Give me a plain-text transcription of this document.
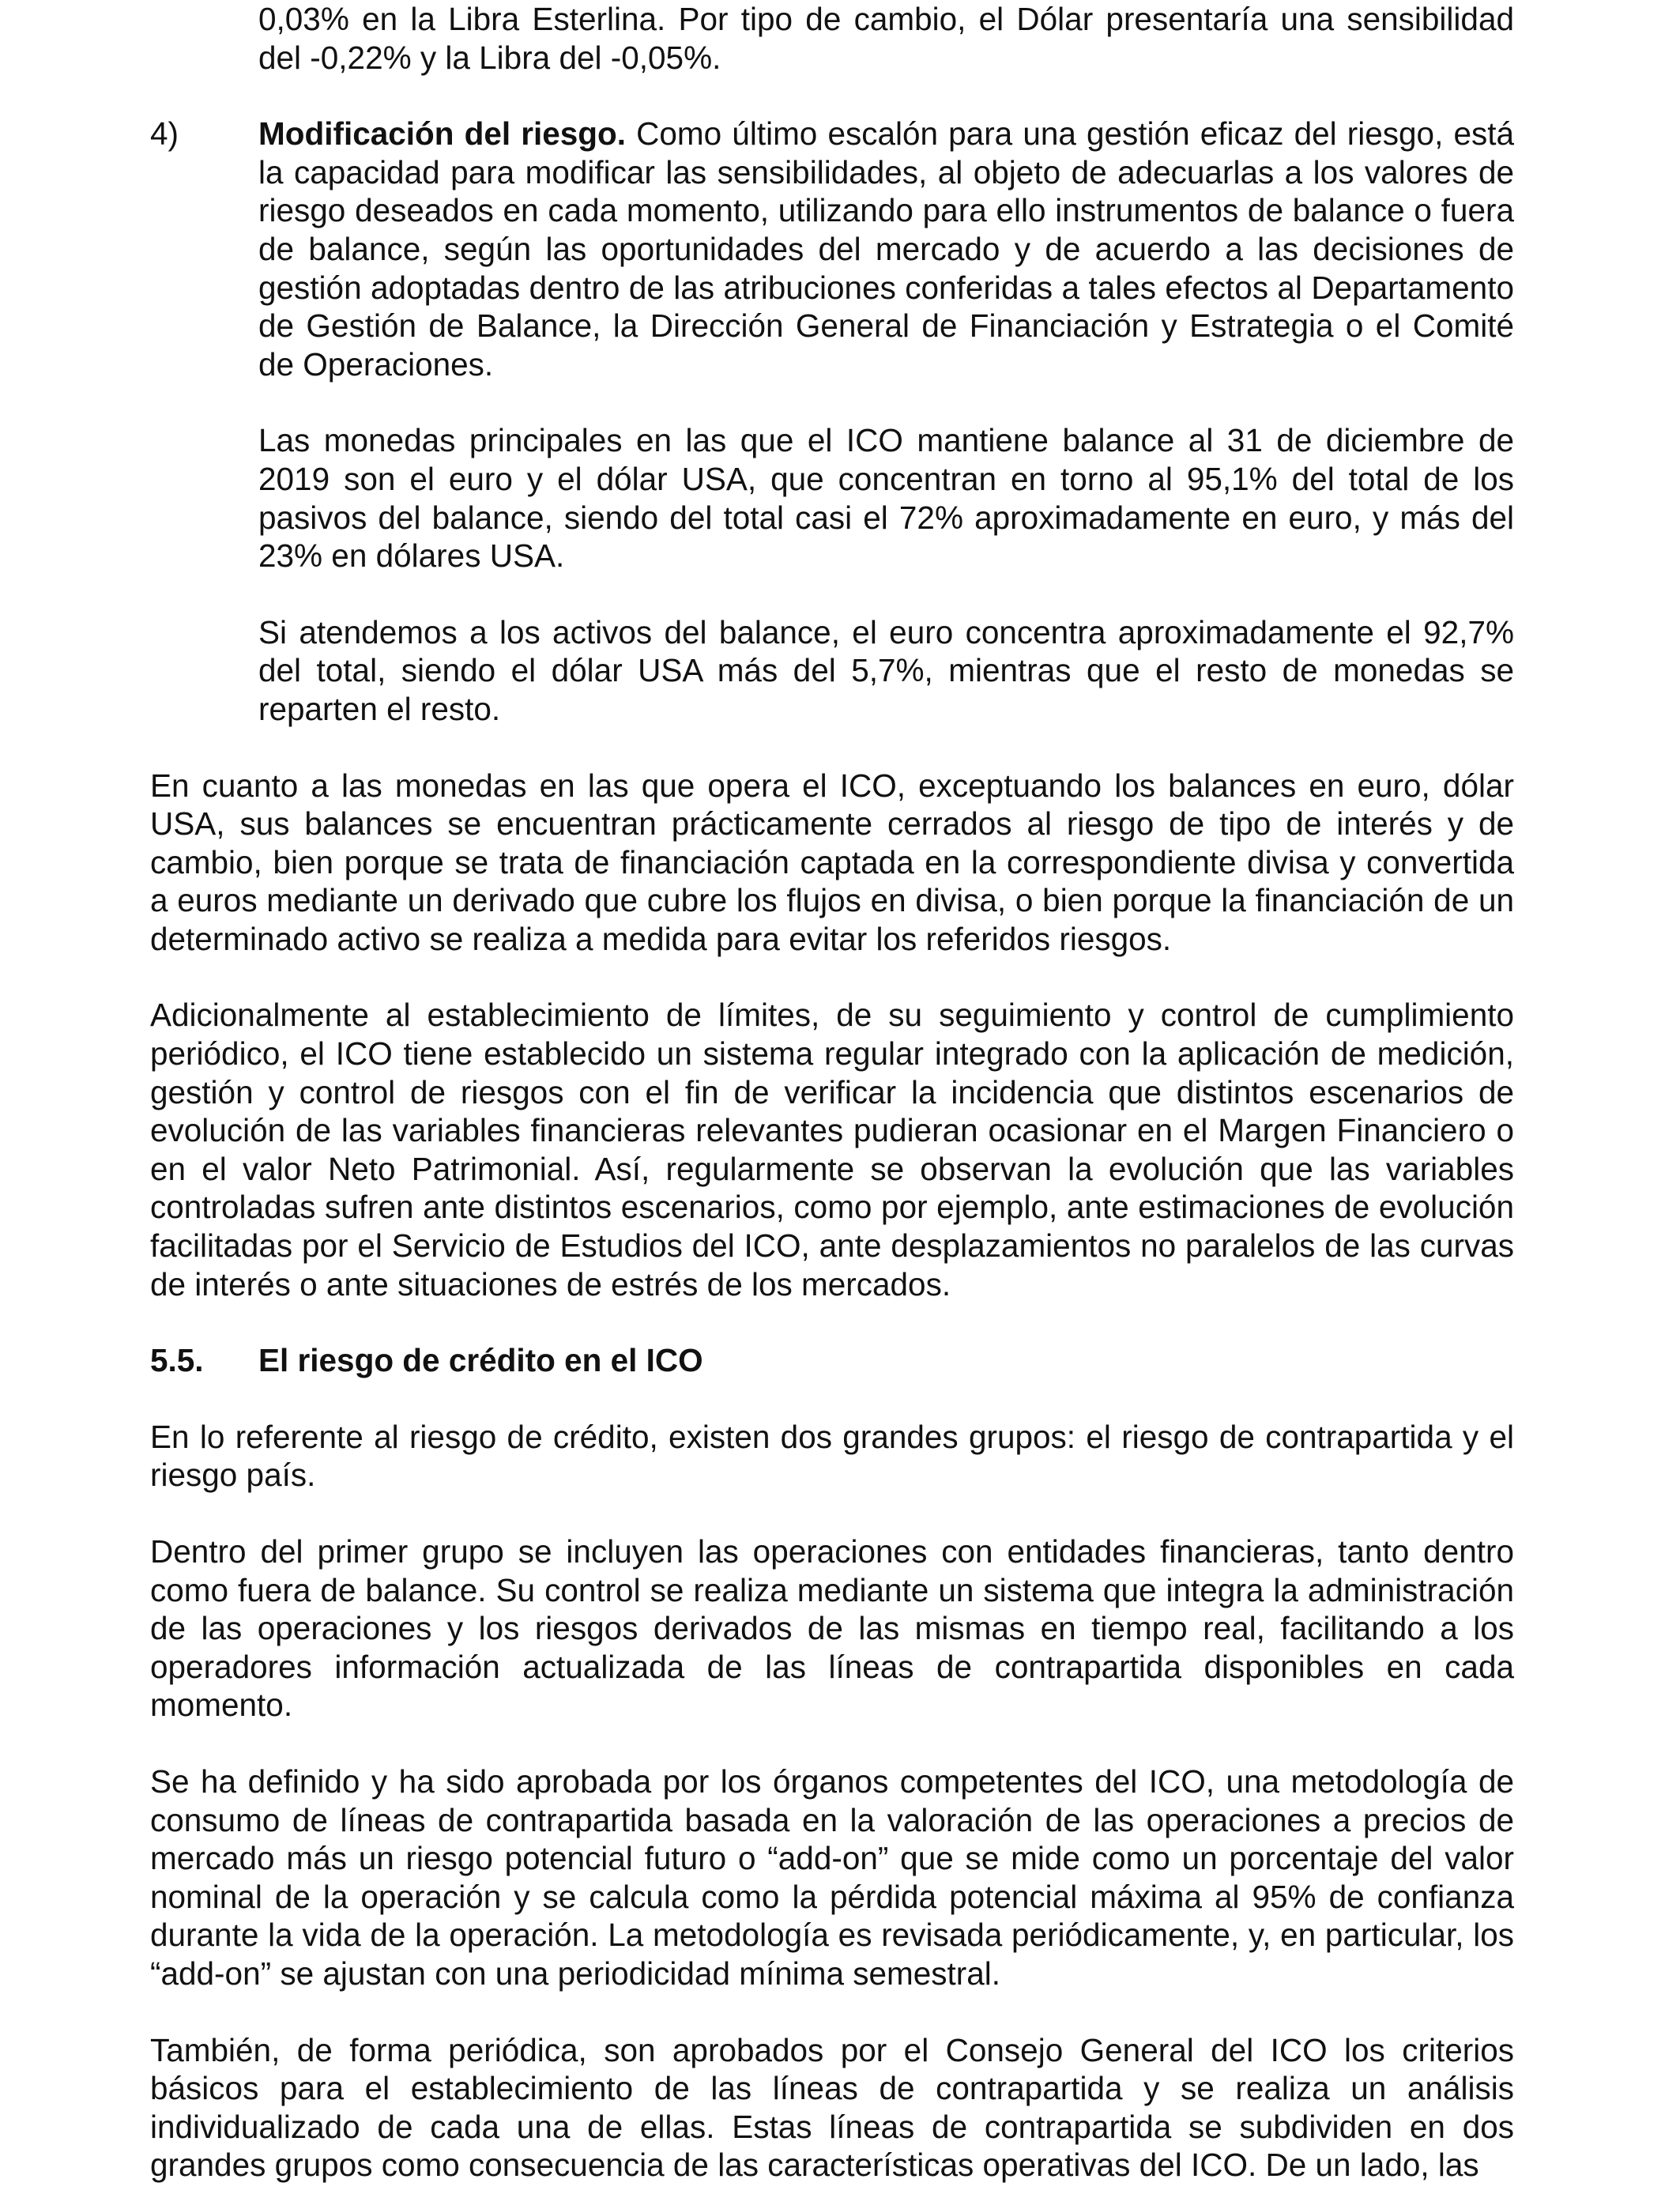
0,03% en la Libra Esterlina. Por tipo de cambio, el Dólar presentaría una sensibilidad del -0,22% y la Libra del -0,05%.

4) Modificación del riesgo. Como último escalón para una gestión eficaz del riesgo, está la capacidad para modificar las sensibilidades, al objeto de adecuarlas a los valores de riesgo deseados en cada momento, utilizando para ello instrumentos de balance o fuera de balance, según las oportunidades del mercado y de acuerdo a las decisiones de gestión adoptadas dentro de las atribuciones conferidas a tales efectos al Departamento de Gestión de Balance, la Dirección General de Financiación y Estrategia o el Comité de Operaciones.

Las monedas principales en las que el ICO mantiene balance al 31 de diciembre de 2019 son el euro y el dólar USA, que concentran en torno al 95,1% del total de los pasivos del balance, siendo del total casi el 72% aproximadamente en euro, y más del 23% en dólares USA.

Si atendemos a los activos del balance, el euro concentra aproximadamente el 92,7% del total, siendo el dólar USA más del 5,7%, mientras que el resto de monedas se reparten el resto.

En cuanto a las monedas en las que opera el ICO, exceptuando los balances en euro, dólar USA, sus balances se encuentran prácticamente cerrados al riesgo de tipo de interés y de cambio, bien porque se trata de financiación captada en la correspondiente divisa y convertida a euros mediante un derivado que cubre los flujos en divisa, o bien porque la financiación de un determinado activo se realiza a medida para evitar los referidos riesgos.

Adicionalmente al establecimiento de límites, de su seguimiento y control de cumplimiento periódico, el ICO tiene establecido un sistema regular integrado con la aplicación de medición, gestión y control de riesgos con el fin de verificar la incidencia que distintos escenarios de evolución de las variables financieras relevantes pudieran ocasionar en el Margen Financiero o en el valor Neto Patrimonial. Así, regularmente se observan la evolución que las variables controladas sufren ante distintos escenarios, como por ejemplo, ante estimaciones de evolución facilitadas por el Servicio de Estudios del ICO, ante desplazamientos no paralelos de las curvas de interés o ante situaciones de estrés de los mercados.

5.5.	El riesgo de crédito en el ICO

En lo referente al riesgo de crédito, existen dos grandes grupos: el riesgo de contrapartida y el riesgo país.

Dentro del primer grupo se incluyen las operaciones con entidades financieras, tanto dentro como fuera de balance. Su control se realiza mediante un sistema que integra la administración de las operaciones y los riesgos derivados de las mismas en tiempo real, facilitando a los operadores información actualizada de las líneas de contrapartida disponibles en cada momento.

Se ha definido y ha sido aprobada por los órganos competentes del ICO, una metodología de consumo de líneas de contrapartida basada en la valoración de las operaciones a precios de mercado más un riesgo potencial futuro o “add-on” que se mide como un porcentaje del valor nominal de la operación y se calcula como la pérdida potencial máxima al 95% de confianza durante la vida de la operación. La metodología es revisada periódicamente, y, en particular, los “add-on” se ajustan con una periodicidad mínima semestral.

También, de forma periódica, son aprobados por el Consejo General del ICO los criterios básicos para el establecimiento de las líneas de contrapartida y se realiza un análisis individualizado de cada una de ellas. Estas líneas de contrapartida se subdividen en dos grandes grupos como consecuencia de las características operativas del ICO. De un lado, las
